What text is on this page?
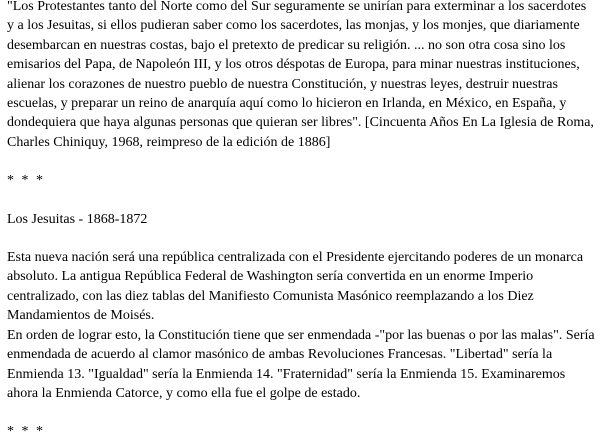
"Los Protestantes tanto del Norte como del Sur seguramente se unirían para exterminar a los sacerdotes y a los Jesuitas, si ellos pudieran saber como los sacerdotes, las monjas, y los monjes, que diariamente desembarcan en nuestras costas, bajo el pretexto de predicar su religión. ... no son otra cosa sino los emisarios del Papa, de Napoleón III, y los otros déspotas de Europa, para minar nuestras instituciones, alienar los corazones de nuestro pueblo de nuestra Constitución, y nuestras leyes, destruir nuestras escuelas, y preparar un reino de anarquía aquí como lo hicieron en Irlanda, en México, en España, y dondequiera que haya algunas personas que quieran ser libres". [Cincuenta Años En La Iglesia de Roma, Charles Chiniquy, 1968, reimpreso de la edición de 1886]

* * *

Los Jesuitas - 1868-1872

Esta nueva nación será una república centralizada con el Presidente ejercitando poderes de un monarca absoluto. La antigua República Federal de Washington sería convertida en un enorme Imperio centralizado, con las diez tablas del Manifiesto Comunista Masónico reemplazando a los Diez Mandamientos de Moisés.

En orden de lograr esto, la Constitución tiene que ser enmendada -"por las buenas o por las malas". Sería enmendada de acuerdo al clamor masónico de ambas Revoluciones Francesas. "Libertad" sería la Enmienda 13. "Igualdad" sería la Enmienda 14. "Fraternidad" sería la Enmienda 15. Examinaremos ahora la Enmienda Catorce, y como ella fue el golpe de estado.

* * *
